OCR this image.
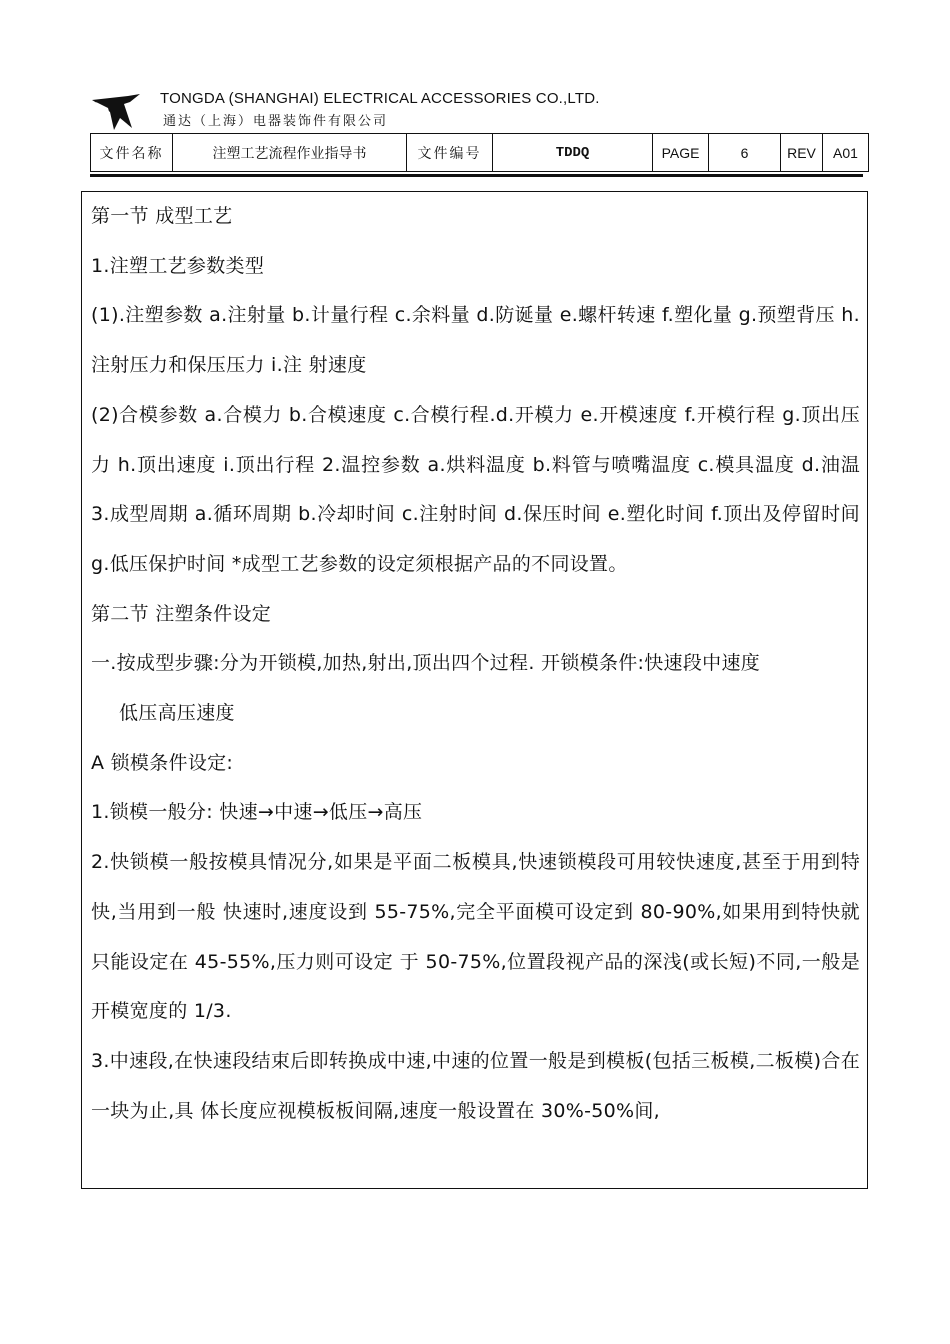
TONGDA (SHANGHAI) ELECTRICAL ACCESSORIES CO.,LTD.
通达（上海）电器装饰件有限公司
文件名称	注塑工艺流程作业指导书	文件编号	TDDQ	PAGE	6	REV	A01

第一节 成型工艺

1.注塑工艺参数类型

(1).注塑参数 a.注射量 b.计量行程 c.余料量 d.防诞量 e.螺杆转速 f.塑化量 g.预塑背压 h.注射压力和保压压力 i.注 射速度

(2)合模参数 a.合模力 b.合模速度 c.合模行程.d.开模力 e.开模速度 f.开模行程 g.顶出压力 h.顶出速度 i.顶出行程 2.温控参数 a.烘料温度 b.料管与喷嘴温度 c.模具温度 d.油温 3.成型周期 a.循环周期 b.冷却时间 c.注射时间 d.保压时间 e.塑化时间 f.顶出及停留时间 g.低压保护时间 *成型工艺参数的设定须根据产品的不同设置。

第二节 注塑条件设定

一.按成型步骤:分为开锁模,加热,射出,顶出四个过程. 开锁模条件:快速段中速度

低压高压速度

A 锁模条件设定:

1.锁模一般分: 快速→中速→低压→高压

2.快锁模一般按模具情况分,如果是平面二板模具,快速锁模段可用较快速度,甚至于用到特快,当用到一般 快速时,速度设到 55-75%,完全平面模可设定到 80-90%,如果用到特快就只能设定在 45-55%,压力则可设定 于 50-75%,位置段视产品的深浅(或长短)不同,一般是开模宽度的 1/3.

3.中速段,在快速段结束后即转换成中速,中速的位置一般是到模板(包括三板模,二板模)合在一块为止,具 体长度应视模板板间隔,速度一般设置在 30%-50%间,
